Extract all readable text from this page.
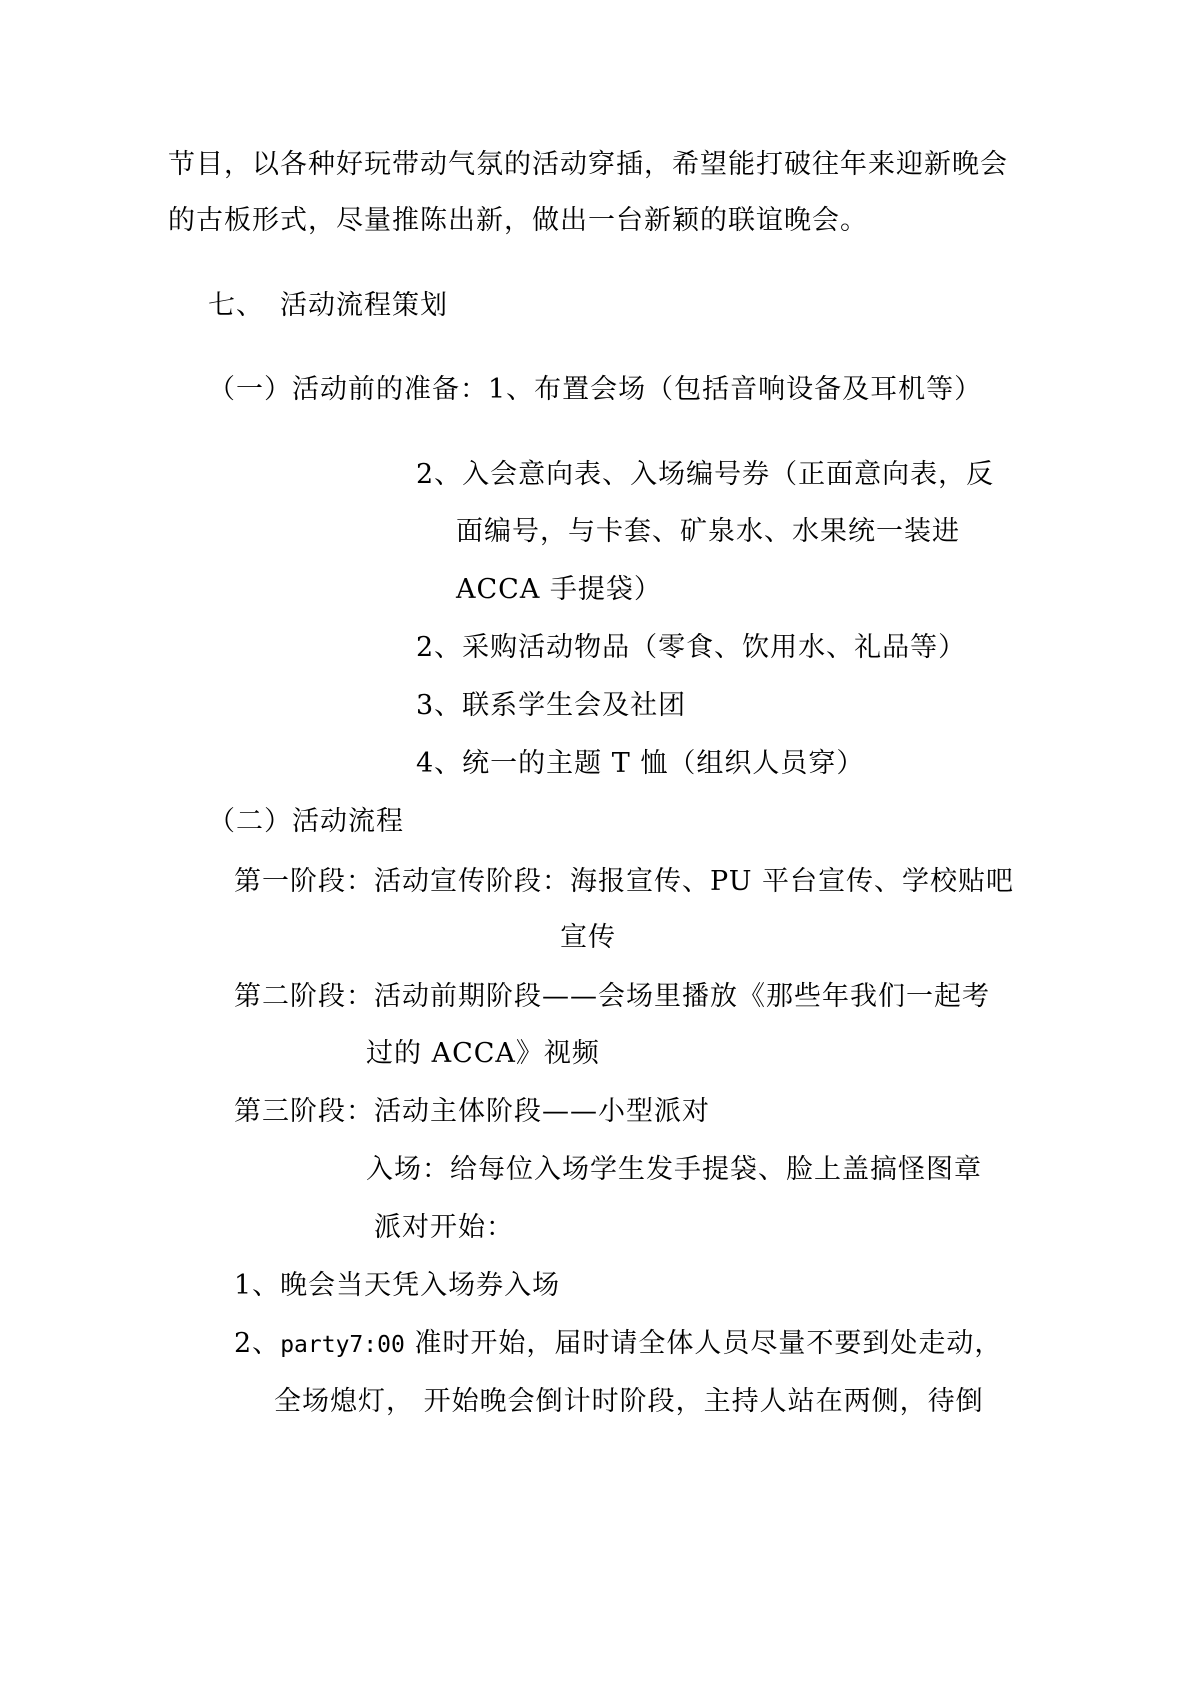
节目，以各种好玩带动气氛的活动穿插，希望能打破往年来迎新晚会
的古板形式，尽量推陈出新，做出一台新颖的联谊晚会。
七、 活动流程策划
（一）活动前的准备：1、布置会场（包括音响设备及耳机等）
2、入会意向表、入场编号券（正面意向表，反
面编号，与卡套、矿泉水、水果统一装进
ACCA 手提袋）
2、采购活动物品（零食、饮用水、礼品等）
3、联系学生会及社团
4、统一的主题 T 恤（组织人员穿）
（二）活动流程
第一阶段：活动宣传阶段：海报宣传、PU 平台宣传、学校贴吧
宣传
第二阶段：活动前期阶段——会场里播放《那些年我们一起考
过的 ACCA》视频
第三阶段：活动主体阶段——小型派对
入场：给每位入场学生发手提袋、脸上盖搞怪图章
派对开始：
1、晚会当天凭入场券入场
2、party7:00 准时开始，届时请全体人员尽量不要到处走动，
全场熄灯， 开始晚会倒计时阶段，主持人站在两侧，待倒
